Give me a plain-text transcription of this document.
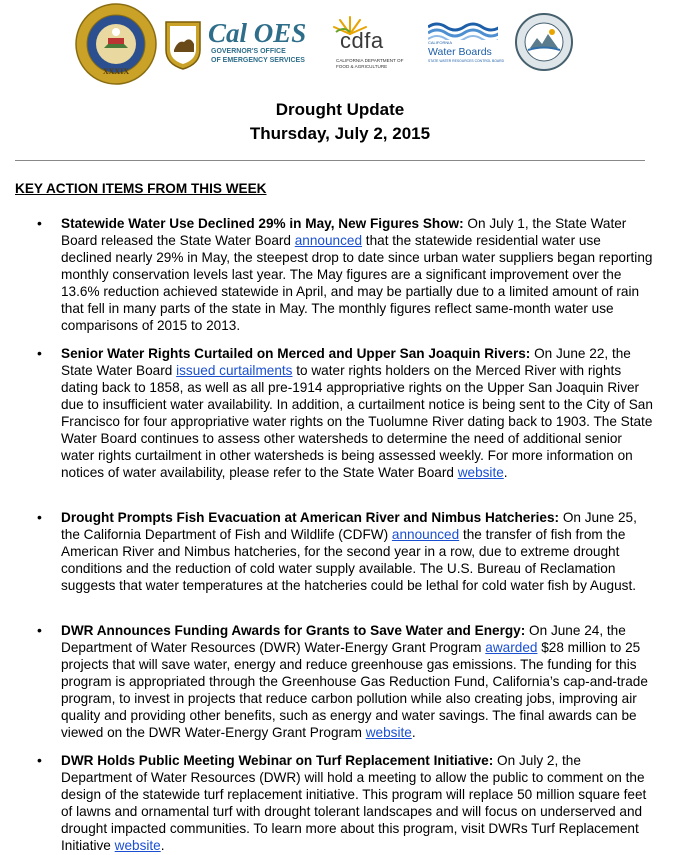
XXXIX
Cal OES
GOVERNOR'S OFFICE
OF EMERGENCY SERVICES
cdfa
CALIFORNIA DEPARTMENT OF
FOOD & AGRICULTURE
CALIFORNIA
Water Boards
STATE WATER RESOURCES CONTROL BOARD
Drought Update
Thursday, July 2, 2015
KEY ACTION ITEMS FROM THIS WEEK
• Statewide Water Use Declined 29% in May, New Figures Show: On July 1, the State Water Board released the State Water Board announced that the statewide residential water use declined nearly 29% in May, the steepest drop to date since urban water suppliers began reporting monthly conservation levels last year. The May figures are a significant improvement over the 13.6% reduction achieved statewide in April, and may be partially due to a limited amount of rain that fell in many parts of the state in May. The monthly figures reflect same-month water use comparisons of 2015 to 2013.
• Senior Water Rights Curtailed on Merced and Upper San Joaquin Rivers: On June 22, the State Water Board issued curtailments to water rights holders on the Merced River with rights dating back to 1858, as well as all pre-1914 appropriative rights on the Upper San Joaquin River due to insufficient water availability. In addition, a curtailment notice is being sent to the City of San Francisco for four appropriative water rights on the Tuolumne River dating back to 1903. The State Water Board continues to assess other watersheds to determine the need of additional senior water rights curtailment in other watersheds is being assessed weekly. For more information on notices of water availability, please refer to the State Water Board website.
• Drought Prompts Fish Evacuation at American River and Nimbus Hatcheries: On June 25, the California Department of Fish and Wildlife (CDFW) announced the transfer of fish from the American River and Nimbus hatcheries, for the second year in a row, due to extreme drought conditions and the reduction of cold water supply available. The U.S. Bureau of Reclamation suggests that water temperatures at the hatcheries could be lethal for cold water fish by August.
• DWR Announces Funding Awards for Grants to Save Water and Energy: On June 24, the Department of Water Resources (DWR) Water-Energy Grant Program awarded $28 million to 25 projects that will save water, energy and reduce greenhouse gas emissions. The funding for this program is appropriated through the Greenhouse Gas Reduction Fund, California’s cap-and-trade program, to invest in projects that reduce carbon pollution while also creating jobs, improving air quality and providing other benefits, such as energy and water savings. The final awards can be viewed on the DWR Water-Energy Grant Program website.
• DWR Holds Public Meeting Webinar on Turf Replacement Initiative: On July 2, the Department of Water Resources (DWR) will hold a meeting to allow the public to comment on the design of the statewide turf replacement initiative. This program will replace 50 million square feet of lawns and ornamental turf with drought tolerant landscapes and will focus on underserved and drought impacted communities. To learn more about this program, visit DWRs Turf Replacement Initiative website.
